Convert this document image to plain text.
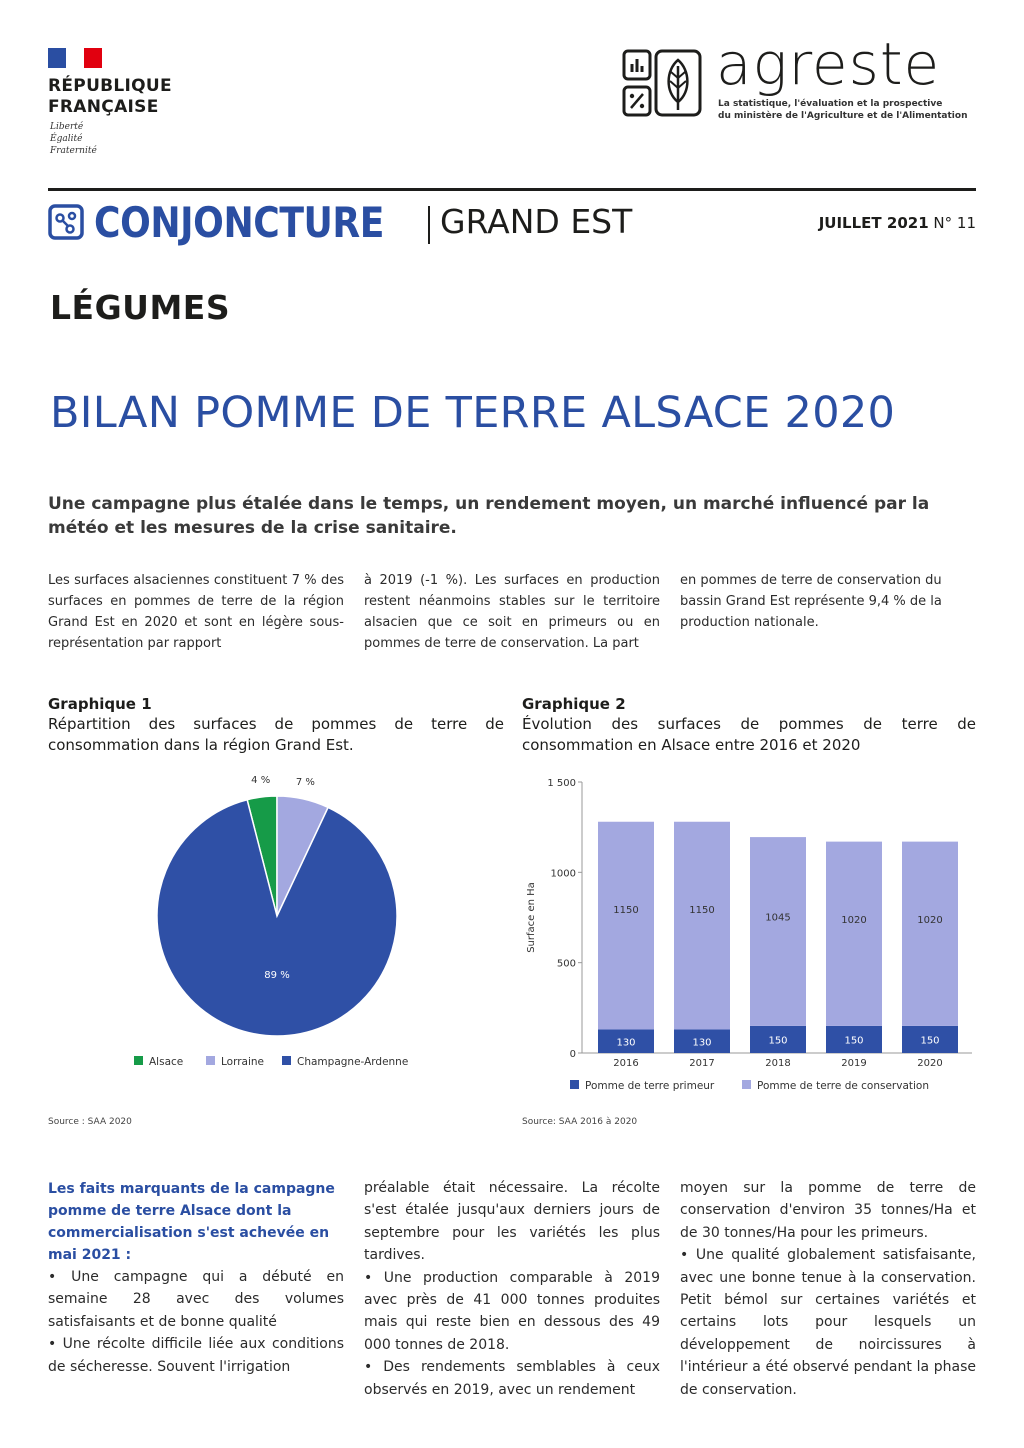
RÉPUBLIQUE
FRANÇAISE
Liberté
Égalité
Fraternité
agreste
La statistique, l'évaluation et la prospective
du ministère de l'Agriculture et de l'Alimentation
CONJONCTURE GRAND EST	JUILLET 2021 N° 11
LÉGUMES
BILAN POMME DE TERRE ALSACE 2020
Une campagne plus étalée dans le temps, un rendement moyen, un marché influencé par la météo et les mesures de la crise sanitaire.
Les surfaces alsaciennes constituent 7 % des surfaces en pommes de terre de la région Grand Est en 2020 et sont en légère sous-représentation par rapport
à 2019 (-1 %). Les surfaces en production restent néanmoins stables sur le territoire alsacien que ce soit en primeurs ou en pommes de terre de conservation. La part
en pommes de terre de conservation du bassin Grand Est représente 9,4 % de la production nationale.
Graphique 1
Répartition des surfaces de pommes de terre de consommation dans la région Grand Est.
4 %	7 %
89 %
Alsace	Lorraine	Champagne-Ardenne
Source : SAA 2020
Graphique 2
Évolution des surfaces de pommes de terre de consommation en Alsace entre 2016 et 2020
0
500
1000
1 500
Surface en Ha
130
1150
2016
130
1150
2017
150
1045
2018
150
1020
2019
150
1020
2020
Pomme de terre primeur	Pomme de terre de conservation
Source: SAA 2016 à 2020
Les faits marquants de la campagne pomme de terre Alsace dont la commercialisation s'est achevée en mai 2021 :

• Une campagne qui a débuté en semaine 28 avec des volumes satisfaisants et de bonne qualité

• Une récolte difficile liée aux conditions de sécheresse. Souvent l'irrigation

préalable était nécessaire. La récolte s'est étalée jusqu'aux derniers jours de septembre pour les variétés les plus tardives.

• Une production comparable à 2019 avec près de 41 000 tonnes produites mais qui reste bien en dessous des 49 000 tonnes de 2018.

• Des rendements semblables à ceux observés en 2019, avec un rendement

moyen sur la pomme de terre de conservation d'environ 35 tonnes/Ha et de 30 tonnes/Ha pour les primeurs.

• Une qualité globalement satisfaisante, avec une bonne tenue à la conservation. Petit bémol sur certaines variétés et certains lots pour lesquels un développement de noircissures à l'intérieur a été observé pendant la phase de conservation.
